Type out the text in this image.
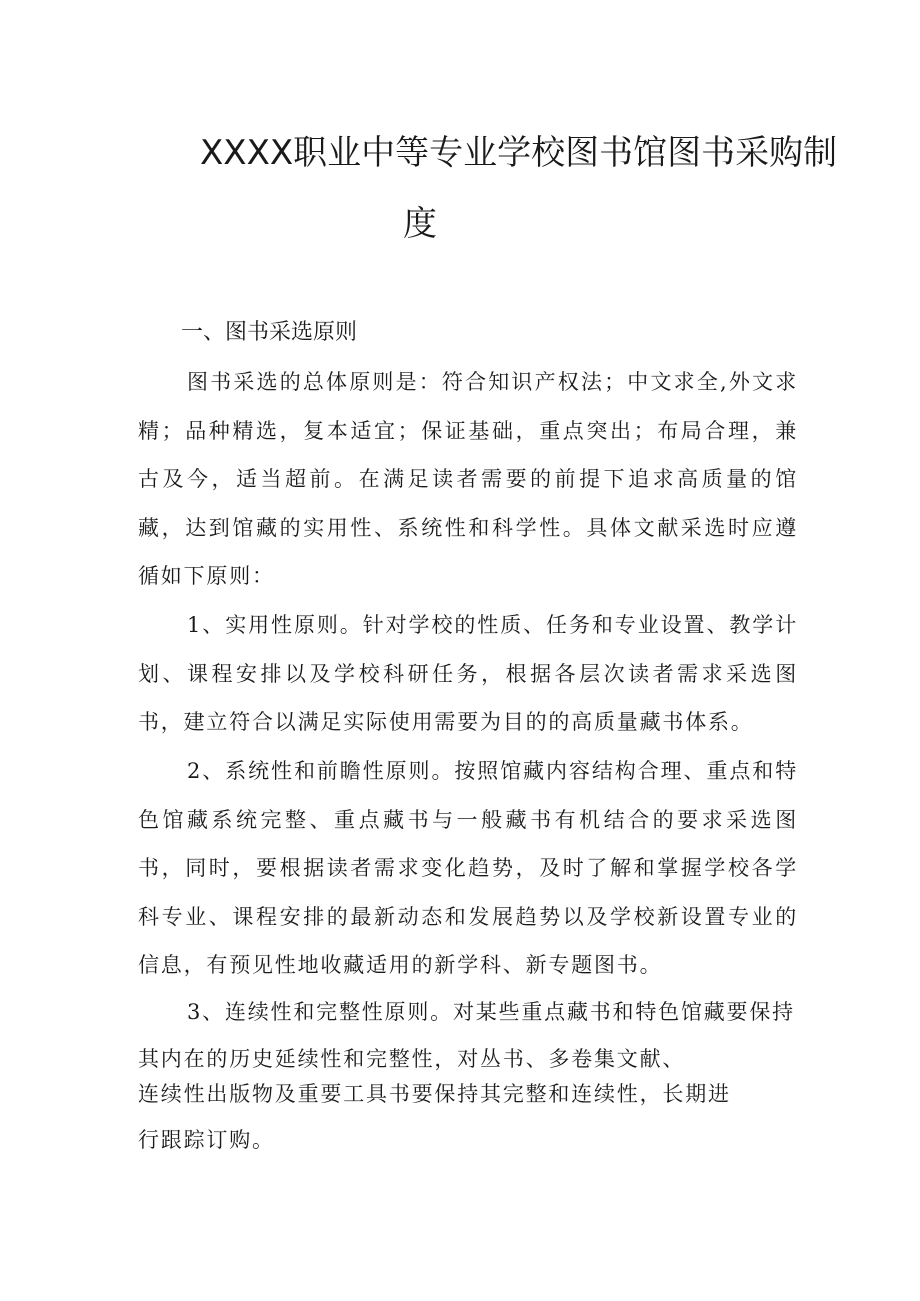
XXXX职业中等专业学校图书馆图书采购制
度
一、图书采选原则

图书采选的总体原则是：符合知识产权法；中文求全,外文求精；品种精选，复本适宜；保证基础，重点突出；布局合理，兼古及今，适当超前。在满足读者需要的前提下追求高质量的馆藏，达到馆藏的实用性、系统性和科学性。具体文献采选时应遵循如下原则：

1、实用性原则。针对学校的性质、任务和专业设置、教学计划、课程安排以及学校科研任务，根据各层次读者需求采选图书，建立符合以满足实际使用需要为目的的高质量藏书体系。

2、系统性和前瞻性原则。按照馆藏内容结构合理、重点和特色馆藏系统完整、重点藏书与一般藏书有机结合的要求采选图书，同时，要根据读者需求变化趋势，及时了解和掌握学校各学科专业、课程安排的最新动态和发展趋势以及学校新设置专业的信息，有预见性地收藏适用的新学科、新专题图书。

3、连续性和完整性原则。对某些重点藏书和特色馆藏要保持
其内在的历史延续性和完整性，对丛书、多卷集文献、
连续性出版物及重要工具书要保持其完整和连续性，长期进
行跟踪订购。
